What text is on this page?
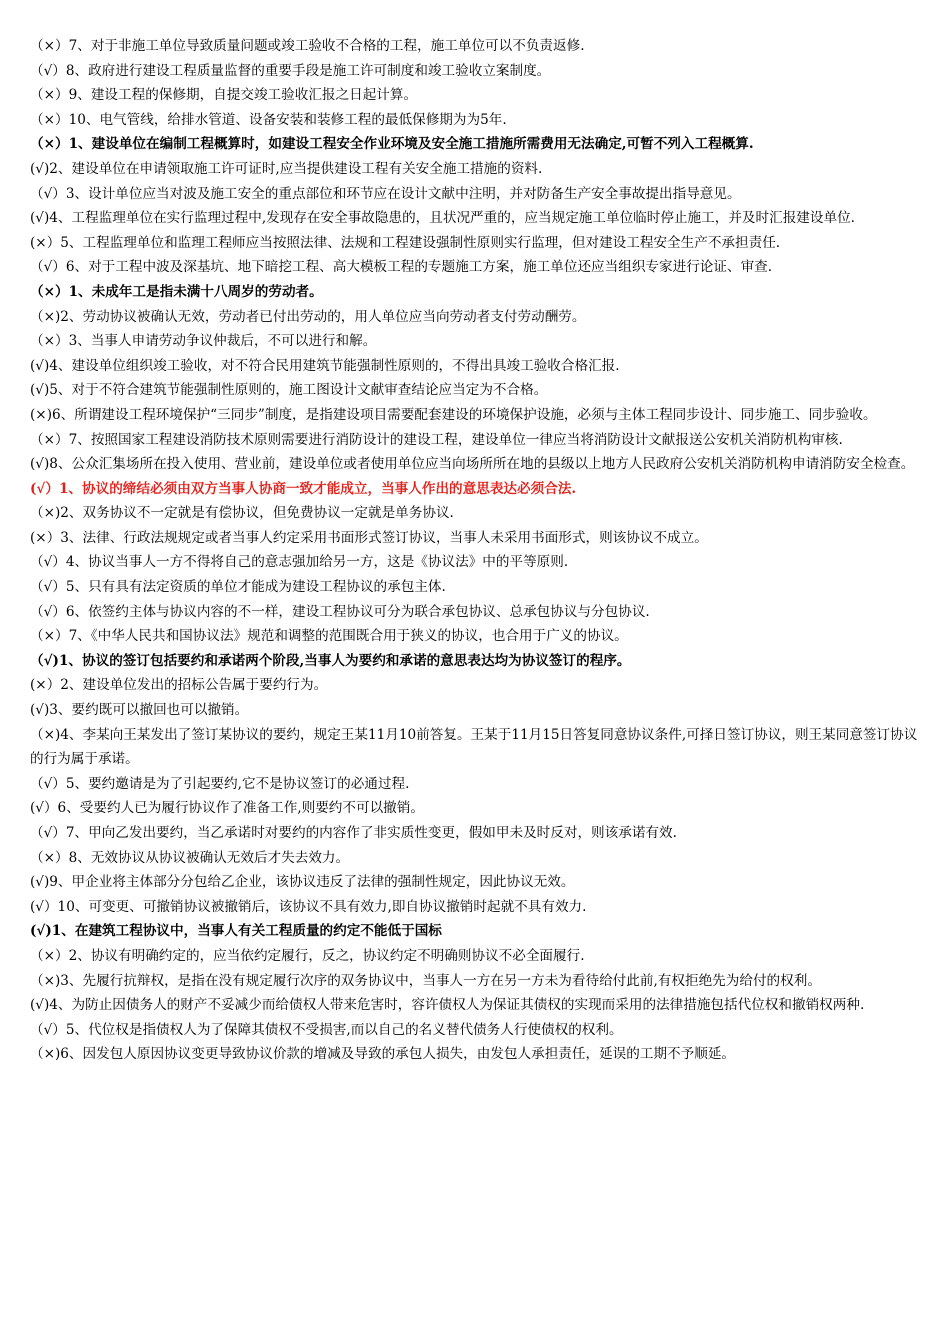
（×）7、对于非施工单位导致质量问题或竣工验收不合格的工程，施工单位可以不负责返修.

（√）8、政府进行建设工程质量监督的重要手段是施工许可制度和竣工验收立案制度。

（×）9、建设工程的保修期，自提交竣工验收汇报之日起计算。

（×）10、电气管线，给排水管道、设备安装和装修工程的最低保修期为为5年.

（×）1、建设单位在编制工程概算时，如建设工程安全作业环境及安全施工措施所需费用无法确定,可暂不列入工程概算.

(√)2、建设单位在申请领取施工许可证时,应当提供建设工程有关安全施工措施的资料.

（√）3、设计单位应当对波及施工安全的重点部位和环节应在设计文献中注明，并对防备生产安全事故提出指导意见。

(√)4、工程监理单位在实行监理过程中,发现存在安全事故隐患的，且状况严重的，应当规定施工单位临时停止施工，并及时汇报建设单位.

(×）5、工程监理单位和监理工程师应当按照法律、法规和工程建设强制性原则实行监理，但对建设工程安全生产不承担责任.

（√）6、对于工程中波及深基坑、地下暗挖工程、高大模板工程的专题施工方案，施工单位还应当组织专家进行论证、审查.

（×）1、未成年工是指未满十八周岁的劳动者。

（×)2、劳动协议被确认无效，劳动者已付出劳动的，用人单位应当向劳动者支付劳动酬劳。

（×）3、当事人申请劳动争议仲裁后，不可以进行和解。

(√)4、建设单位组织竣工验收，对不符合民用建筑节能强制性原则的，不得出具竣工验收合格汇报.

(√)5、对于不符合建筑节能强制性原则的，施工图设计文献审查结论应当定为不合格。

(×)6、所谓建设工程环境保护“三同步”制度，是指建设项目需要配套建设的环境保护设施，必须与主体工程同步设计、同步施工、同步验收。

（×）7、按照国家工程建设消防技术原则需要进行消防设计的建设工程，建设单位一律应当将消防设计文献报送公安机关消防机构审核.

(√)8、公众汇集场所在投入使用、营业前，建设单位或者使用单位应当向场所所在地的县级以上地方人民政府公安机关消防机构申请消防安全检查。

(√）1、协议的缔结必须由双方当事人协商一致才能成立，当事人作出的意思表达必须合法.

（×)2、双务协议不一定就是有偿协议，但免费协议一定就是单务协议.

(×）3、法律、行政法规规定或者当事人约定采用书面形式签订协议，当事人未采用书面形式，则该协议不成立。

（√）4、协议当事人一方不得将自己的意志强加给另一方，这是《协议法》中的平等原则.

（√）5、只有具有法定资质的单位才能成为建设工程协议的承包主体.

（√）6、依签约主体与协议内容的不一样，建设工程协议可分为联合承包协议、总承包协议与分包协议.

（×）7、《中华人民共和国协议法》规范和调整的范围既合用于狭义的协议，也合用于广义的协议。

（√)1、协议的签订包括要约和承诺两个阶段,当事人为要约和承诺的意思表达均为协议签订的程序。

(×）2、建设单位发出的招标公告属于要约行为。

(√)3、要约既可以撤回也可以撤销。

（×)4、李某向王某发出了签订某协议的要约，规定王某11月10前答复。王某于11月15日答复同意协议条件,可择日签订协议，则王某同意签订协议的行为属于承诺。

（√）5、要约邀请是为了引起要约,它不是协议签订的必通过程.

(√）6、受要约人已为履行协议作了准备工作,则要约不可以撤销。

（√）7、甲向乙发出要约，当乙承诺时对要约的内容作了非实质性变更，假如甲未及时反对，则该承诺有效.

（×）8、无效协议从协议被确认无效后才失去效力。

(√)9、甲企业将主体部分分包给乙企业，该协议违反了法律的强制性规定，因此协议无效。

(√）10、可变更、可撤销协议被撤销后，该协议不具有效力,即自协议撤销时起就不具有效力.

(√)1、在建筑工程协议中，当事人有关工程质量的约定不能低于国标

（×）2、协议有明确约定的，应当依约定履行，反之，协议约定不明确则协议不必全面履行.

（×)3、先履行抗辩权，是指在没有规定履行次序的双务协议中，当事人一方在另一方未为看待给付此前,有权拒绝先为给付的权利。

(√)4、为防止因债务人的财产不妥减少而给债权人带来危害时，容许债权人为保证其债权的实现而采用的法律措施包括代位权和撤销权两种.

（√）5、代位权是指债权人为了保障其债权不受损害,而以自己的名义替代债务人行使债权的权利。

（×)6、因发包人原因协议变更导致协议价款的增减及导致的承包人损失，由发包人承担责任，延误的工期不予顺延。
